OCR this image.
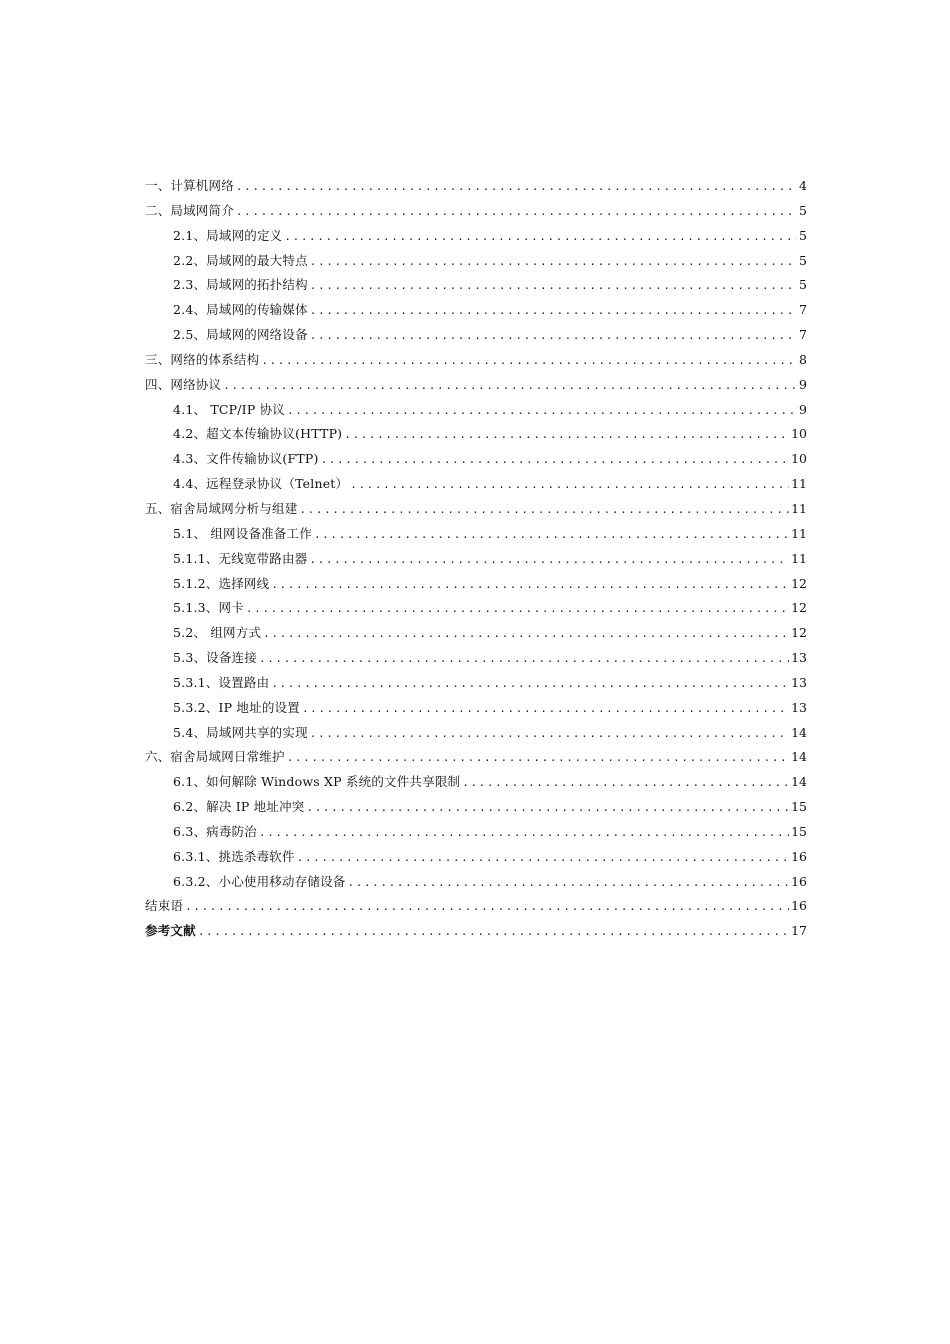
一、计算机网络 .....	4
二、局域网简介 .....	5
2.1、局域网的定义 .....	5
2.2、局域网的最大特点 .....	5
2.3、局域网的拓扑结构 .....	5
2.4、局域网的传输媒体 .....	7
2.5、局域网的网络设备 .....	7
三、网络的体系结构 .....	8
四、网络协议 .....	9
4.1、 TCP/IP 协议 .....	9
4.2、超文本传输协议(HTTP) .....	10
4.3、文件传输协议(FTP) .....	10
4.4、远程登录协议（Telnet） .....	11
五、宿舍局域网分析与组建 .....	11
5.1、 组网设备准备工作 .....	11
5.1.1、无线宽带路由器 .....	11
5.1.2、选择网线 .....	12
5.1.3、网卡 .....	12
5.2、 组网方式 .....	12
5.3、设备连接 .....	13
5.3.1、设置路由 .....	13
5.3.2、IP 地址的设置 .....	13
5.4、局域网共享的实现 .....	14
六、宿舍局域网日常维护 .....	14
6.1、如何解除 Windows XP 系统的文件共享限制 .....	14
6.2、解决 IP 地址冲突 .....	15
6.3、病毒防治 .....	15
6.3.1、挑选杀毒软件 .....	16
6.3.2、小心使用移动存储设备 .....	16
结束语 .....	16
参考文献 .....	17
